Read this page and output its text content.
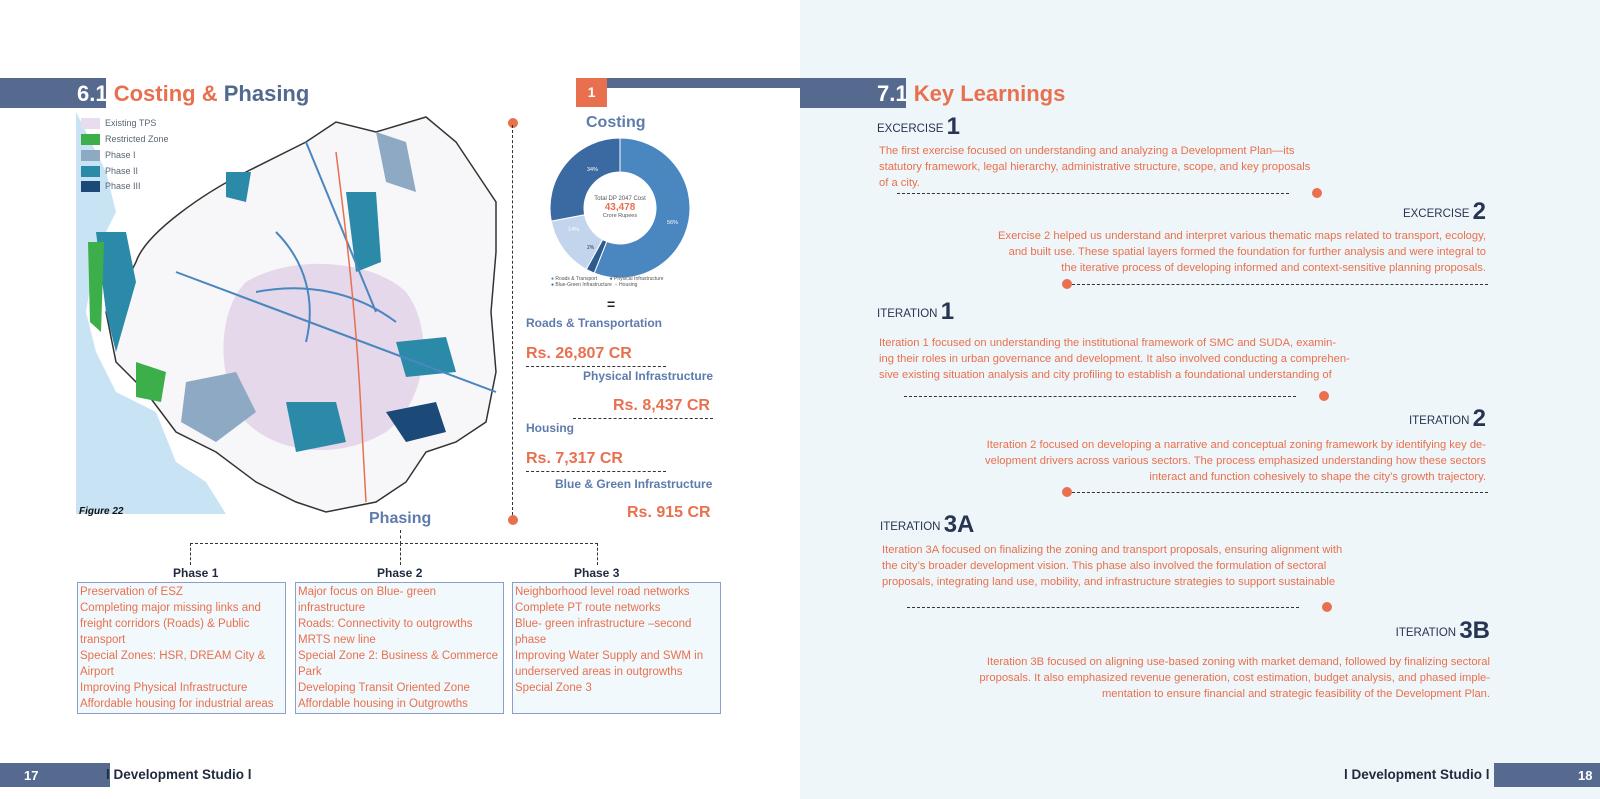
6.1 Costing & Phasing
Existing TPS
Restricted Zone
Phase I
Phase II
Phase III
Figure 22
1
Costing
34%
56%
14%
2%
Total DP 2047 Cost
43,478
Crore Rupees
● Roads & Transport	● Physical Infrastructure
● Blue-Green Infrastructure ● Housing
=
Roads & Transportation
Rs. 26,807 CR
Physical Infrastructure
Rs. 8,437 CR
Housing
Rs. 7,317 CR
Blue & Green Infrastructure
Rs. 915 CR
Phasing
Phase 1	Phase 2	Phase 3
Preservation of ESZ
Completing major missing links and
freight corridors (Roads) & Public
transport
Special Zones: HSR, DREAM City &
Airport
Improving Physical Infrastructure
Affordable housing for industrial areas
Major focus on Blue- green
infrastructure
Roads: Connectivity to outgrowths
MRTS new line
Special Zone 2: Business & Commerce
Park
Developing Transit Oriented Zone
Affordable housing in Outgrowths
Neighborhood level road networks
Complete PT route networks
Blue- green infrastructure –second
phase
Improving Water Supply and SWM in
underserved areas in outgrowths
Special Zone 3
17	l Development Studio l
7.1 Key Learnings
EXCERCISE 1
The first exercise focused on understanding and analyzing a Development Plan—its
statutory framework, legal hierarchy, administrative structure, scope, and key proposals
of a city.
EXCERCISE 2
Exercise 2 helped us understand and interpret various thematic maps related to transport, ecology,
and built use. These spatial layers formed the foundation for further analysis and were integral to
the iterative process of developing informed and context-sensitive planning proposals.
ITERATION 1
Iteration 1 focused on understanding the institutional framework of SMC and SUDA, examin-
ing their roles in urban governance and development. It also involved conducting a comprehen-
sive existing situation analysis and city profiling to establish a foundational understanding of
ITERATION 2
Iteration 2 focused on developing a narrative and conceptual zoning framework by identifying key de-
velopment drivers across various sectors. The process emphasized understanding how these sectors
interact and function cohesively to shape the city’s growth trajectory.
ITERATION 3A
Iteration 3A focused on finalizing the zoning and transport proposals, ensuring alignment with
the city’s broader development vision. This phase also involved the formulation of sectoral
proposals, integrating land use, mobility, and infrastructure strategies to support sustainable
ITERATION 3B
Iteration 3B focused on aligning use-based zoning with market demand, followed by finalizing sectoral
proposals. It also emphasized revenue generation, cost estimation, budget analysis, and phased imple-
mentation to ensure financial and strategic feasibility of the Development Plan.
18
l Development Studio l
